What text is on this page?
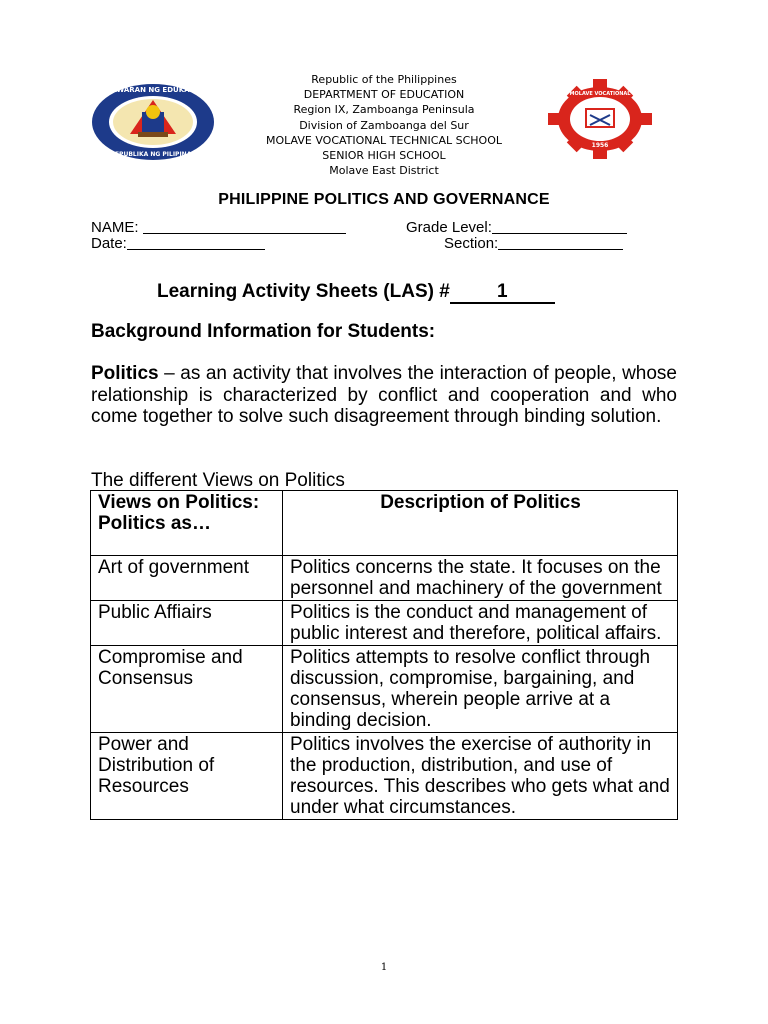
KAGAWARAN NG EDUKASYON
REPUBLIKA NG PILIPINAS
MOLAVE VOCATIONAL
1956
Republic of the Philippines
DEPARTMENT OF EDUCATION
Region IX, Zamboanga Peninsula
Division of Zamboanga del Sur
MOLAVE VOCATIONAL TECHNICAL SCHOOL
SENIOR HIGH SCHOOL
Molave East District
PHILIPPINE POLITICS AND GOVERNANCE
NAME:	Grade Level:
Date:	Section:
Learning Activity Sheets (LAS) # 1
Background Information for Students:
Politics – as an activity that involves the interaction of people, whose relationship is characterized by conflict and cooperation and who come together to solve such disagreement through binding solution.
The different Views on Politics
Views on Politics: Politics as…	Description of Politics
Art of government	Politics concerns the state. It focuses on the personnel and machinery of the government
Public Affiairs	Politics is the conduct and management of public interest and therefore, political affairs.
Compromise and Consensus	Politics attempts to resolve conflict through discussion, compromise, bargaining, and consensus, wherein people arrive at a binding decision.
Power and Distribution of Resources	Politics involves the exercise of authority in the production, distribution, and use of resources. This describes who gets what and under what circumstances.
1
